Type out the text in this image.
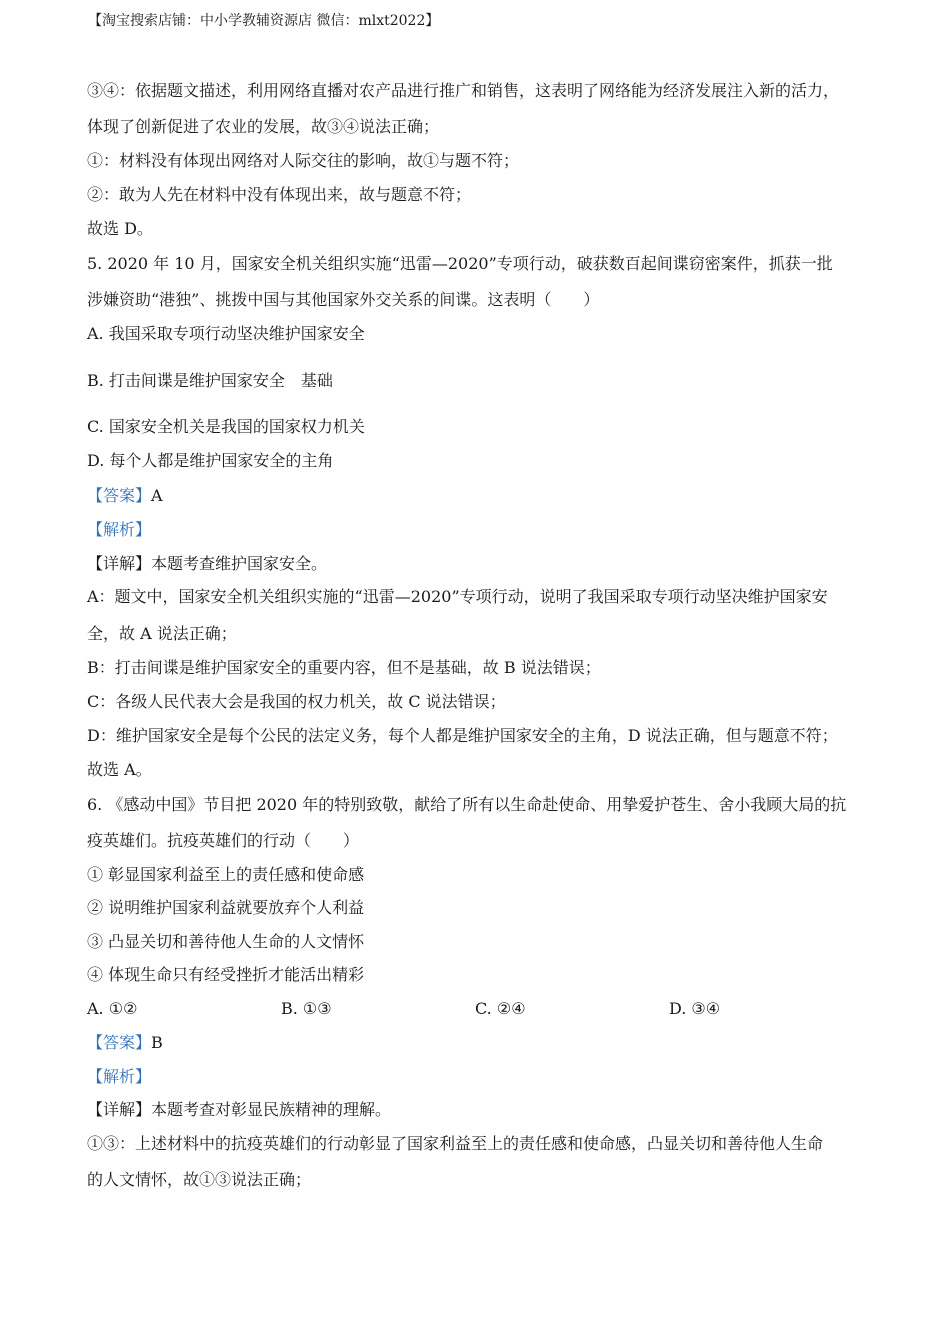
【淘宝搜索店铺：中小学教辅资源店 微信：mlxt2022】
③④：依据题文描述，利用网络直播对农产品进行推广和销售，这表明了网络能为经济发展注入新的活力，
体现了创新促进了农业的发展，故③④说法正确；
①：材料没有体现出网络对人际交往的影响，故①与题不符；
②：敢为人先在材料中没有体现出来，故与题意不符；
故选 D。
5. 2020 年 10 月，国家安全机关组织实施“迅雷—2020”专项行动，破获数百起间谍窃密案件，抓获一批
涉嫌资助“港独”、挑拨中国与其他国家外交关系的间谍。这表明（　　）
A. 我国采取专项行动坚决维护国家安全
B. 打击间谍是维护国家安全　基础
C. 国家安全机关是我国的国家权力机关
D. 每个人都是维护国家安全的主角
【答案】A
【解析】
【详解】本题考查维护国家安全。
A：题文中，国家安全机关组织实施的“迅雷—2020”专项行动，说明了我国采取专项行动坚决维护国家安
全，故 A 说法正确；
B：打击间谍是维护国家安全的重要内容，但不是基础，故 B 说法错误；
C：各级人民代表大会是我国的权力机关，故 C 说法错误；
D：维护国家安全是每个公民的法定义务，每个人都是维护国家安全的主角，D 说法正确，但与题意不符；
故选 A。
6. 《感动中国》节目把 2020 年的特别致敬，献给了所有以生命赴使命、用挚爱护苍生、舍小我顾大局的抗
疫英雄们。抗疫英雄们的行动（　　）
① 彰显国家利益至上的责任感和使命感
② 说明维护国家利益就要放弃个人利益
③ 凸显关切和善待他人生命的人文情怀
④ 体现生命只有经受挫折才能活出精彩
A. ①②	B. ①③	C. ②④	D. ③④
【答案】B
【解析】
【详解】本题考查对彰显民族精神的理解。
①③：上述材料中的抗疫英雄们的行动彰显了国家利益至上的责任感和使命感，凸显关切和善待他人生命
的人文情怀，故①③说法正确；
